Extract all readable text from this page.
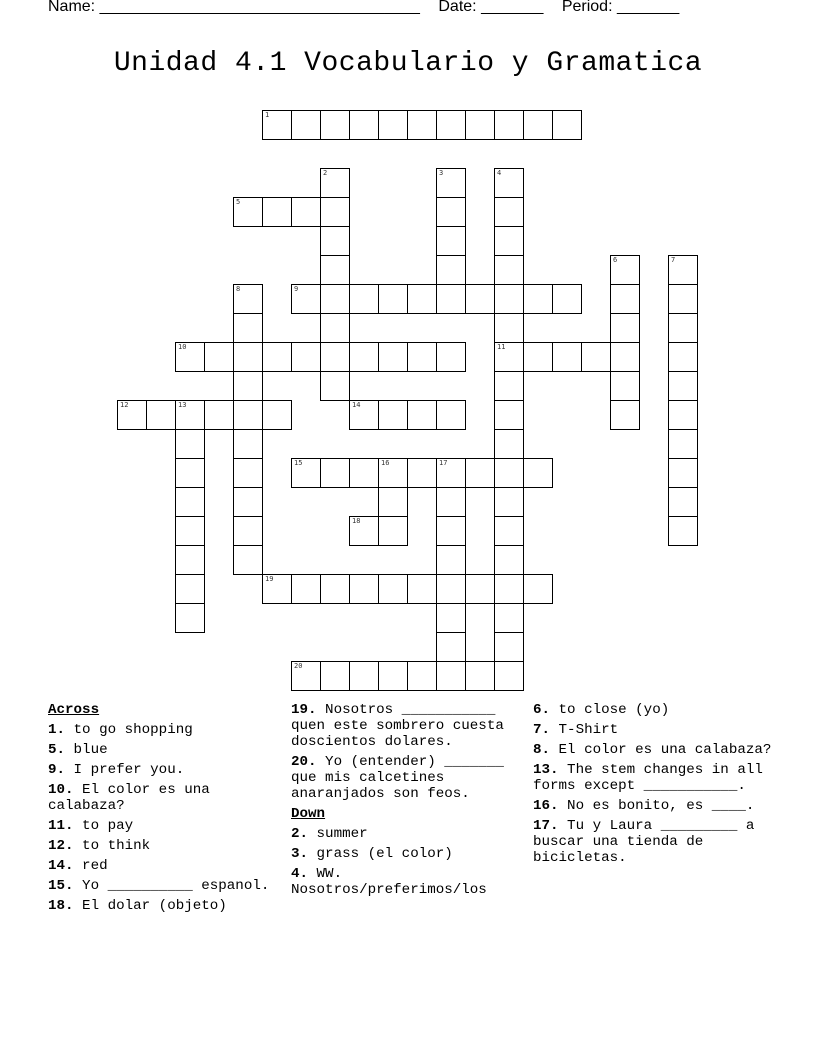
Name: ____________________________________ Date: _______ Period: _______
Unidad 4.1 Vocabulario y Gramatica
1
2	3	4
11
5
6	7
8	9
10
12	13	14
15	16	17
18
19
20
Across
1. to go shopping
5. blue
9. I prefer you.
10. El color es una calabaza?
11. to pay
12. to think
14. red
15. Yo __________ espanol.
18. El dolar (objeto)
19. Nosotros ___________ quen este sombrero cuesta doscientos dolares.
20. Yo (entender) _______ que mis calcetines anaranjados son feos.
Down
2. summer
3. grass (el color)
4. WW. Nosotros/preferimos/los
6. to close (yo)
7. T-Shirt
8. El color es una calabaza?
13. The stem changes in all forms except ___________.
16. No es bonito, es ____.
17. Tu y Laura _________ a buscar una tienda de bicicletas.
